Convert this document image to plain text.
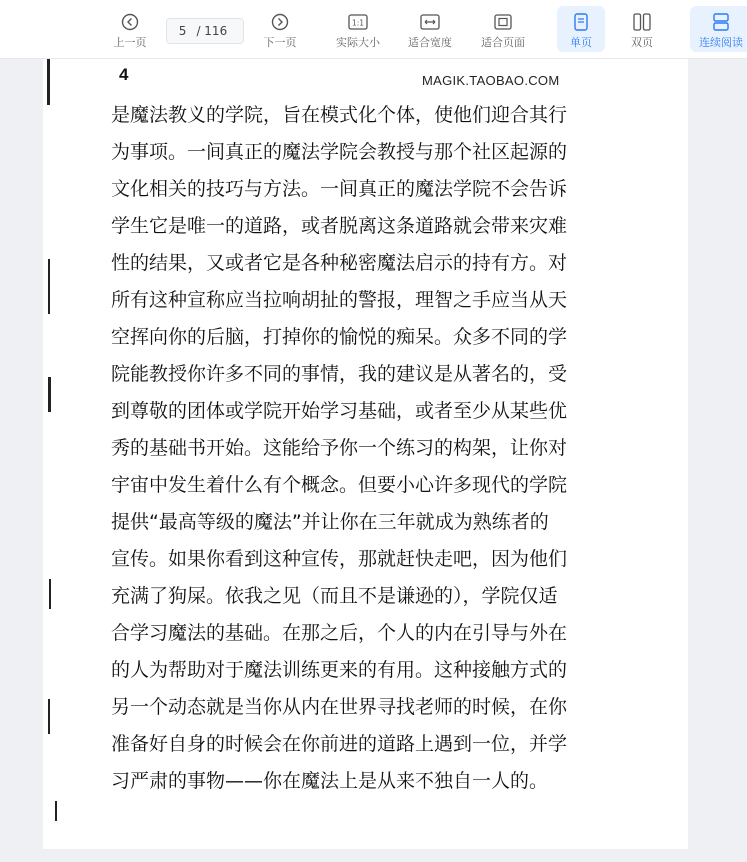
上一页
5 / 116
下一页
1:1
实际大小	适合宽度	适合页面	单页	双页	连续阅读
4	MAGIK.TAOBAO.COM
是魔法教义的学院，旨在模式化个体，使他们迎合其行
为事项。一间真正的魔法学院会教授与那个社区起源的
文化相关的技巧与方法。一间真正的魔法学院不会告诉
学生它是唯一的道路，或者脱离这条道路就会带来灾难
性的结果，又或者它是各种秘密魔法启示的持有方。对
所有这种宣称应当拉响胡扯的警报，理智之手应当从天
空挥向你的后脑，打掉你的愉悦的痴呆。众多不同的学
院能教授你许多不同的事情，我的建议是从著名的，受
到尊敬的团体或学院开始学习基础，或者至少从某些优
秀的基础书开始。这能给予你一个练习的构架，让你对
宇宙中发生着什么有个概念。但要小心许多现代的学院
提供“最高等级的魔法”并让你在三年就成为熟练者的
宣传。如果你看到这种宣传，那就赶快走吧，因为他们
充满了狗屎。依我之见（而且不是谦逊的），学院仅适
合学习魔法的基础。在那之后，个人的内在引导与外在
的人为帮助对于魔法训练更来的有用。这种接触方式的
另一个动态就是当你从内在世界寻找老师的时候，在你
准备好自身的时候会在你前进的道路上遇到一位，并学
习严肃的事物——你在魔法上是从来不独自一人的。
